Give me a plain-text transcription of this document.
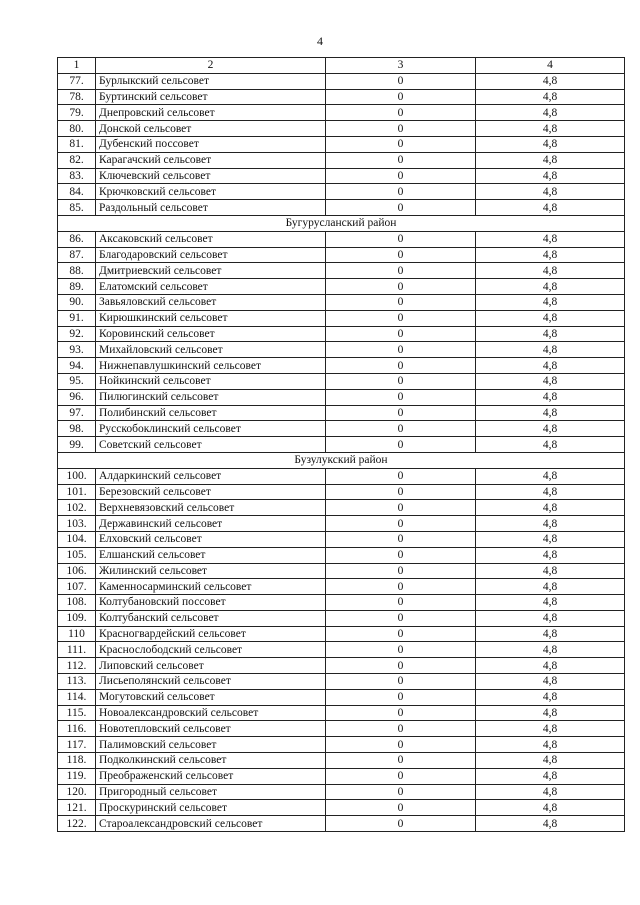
4
1	2	3	4
77.	Бурлыкский сельсовет	0	4,8
78.	Буртинский сельсовет	0	4,8
79.	Днепровский сельсовет	0	4,8
80.	Донской сельсовет	0	4,8
81.	Дубенский поссовет	0	4,8
82.	Карагачский сельсовет	0	4,8
83.	Ключевский сельсовет	0	4,8
84.	Крючковский сельсовет	0	4,8
85.	Раздольный сельсовет	0	4,8
Бугурусланский район			
86.	Аксаковский сельсовет	0	4,8
87.	Благодаровский сельсовет	0	4,8
88.	Дмитриевский сельсовет	0	4,8
89.	Елатомский сельсовет	0	4,8
90.	Завьяловский сельсовет	0	4,8
91.	Кирюшкинский сельсовет	0	4,8
92.	Коровинский сельсовет	0	4,8
93.	Михайловский сельсовет	0	4,8
94.	Нижнепавлушкинский сельсовет	0	4,8
95.	Нойкинский сельсовет	0	4,8
96.	Пилюгинский сельсовет	0	4,8
97.	Полибинский сельсовет	0	4,8
98.	Русскобоклинский сельсовет	0	4,8
99.	Советский сельсовет	0	4,8
Бузулукский район			
100.	Алдаркинский сельсовет	0	4,8
101.	Березовский сельсовет	0	4,8
102.	Верхневязовский сельсовет	0	4,8
103.	Державинский сельсовет	0	4,8
104.	Елховский сельсовет	0	4,8
105.	Елшанский сельсовет	0	4,8
106.	Жилинский сельсовет	0	4,8
107.	Каменносарминский сельсовет	0	4,8
108.	Колтубановский поссовет	0	4,8
109.	Колтубанский сельсовет	0	4,8
110	Красногвардейский сельсовет	0	4,8
111.	Краснослободский сельсовет	0	4,8
112.	Липовский сельсовет	0	4,8
113.	Лисьеполянский сельсовет	0	4,8
114.	Могутовский сельсовет	0	4,8
115.	Новоалександровский сельсовет	0	4,8
116.	Новотепловский сельсовет	0	4,8
117.	Палимовский сельсовет	0	4,8
118.	Подколкинский сельсовет	0	4,8
119.	Преображенский сельсовет	0	4,8
120.	Пригородный сельсовет	0	4,8
121.	Проскуринский сельсовет	0	4,8
122.	Староалександровский сельсовет	0	4,8
